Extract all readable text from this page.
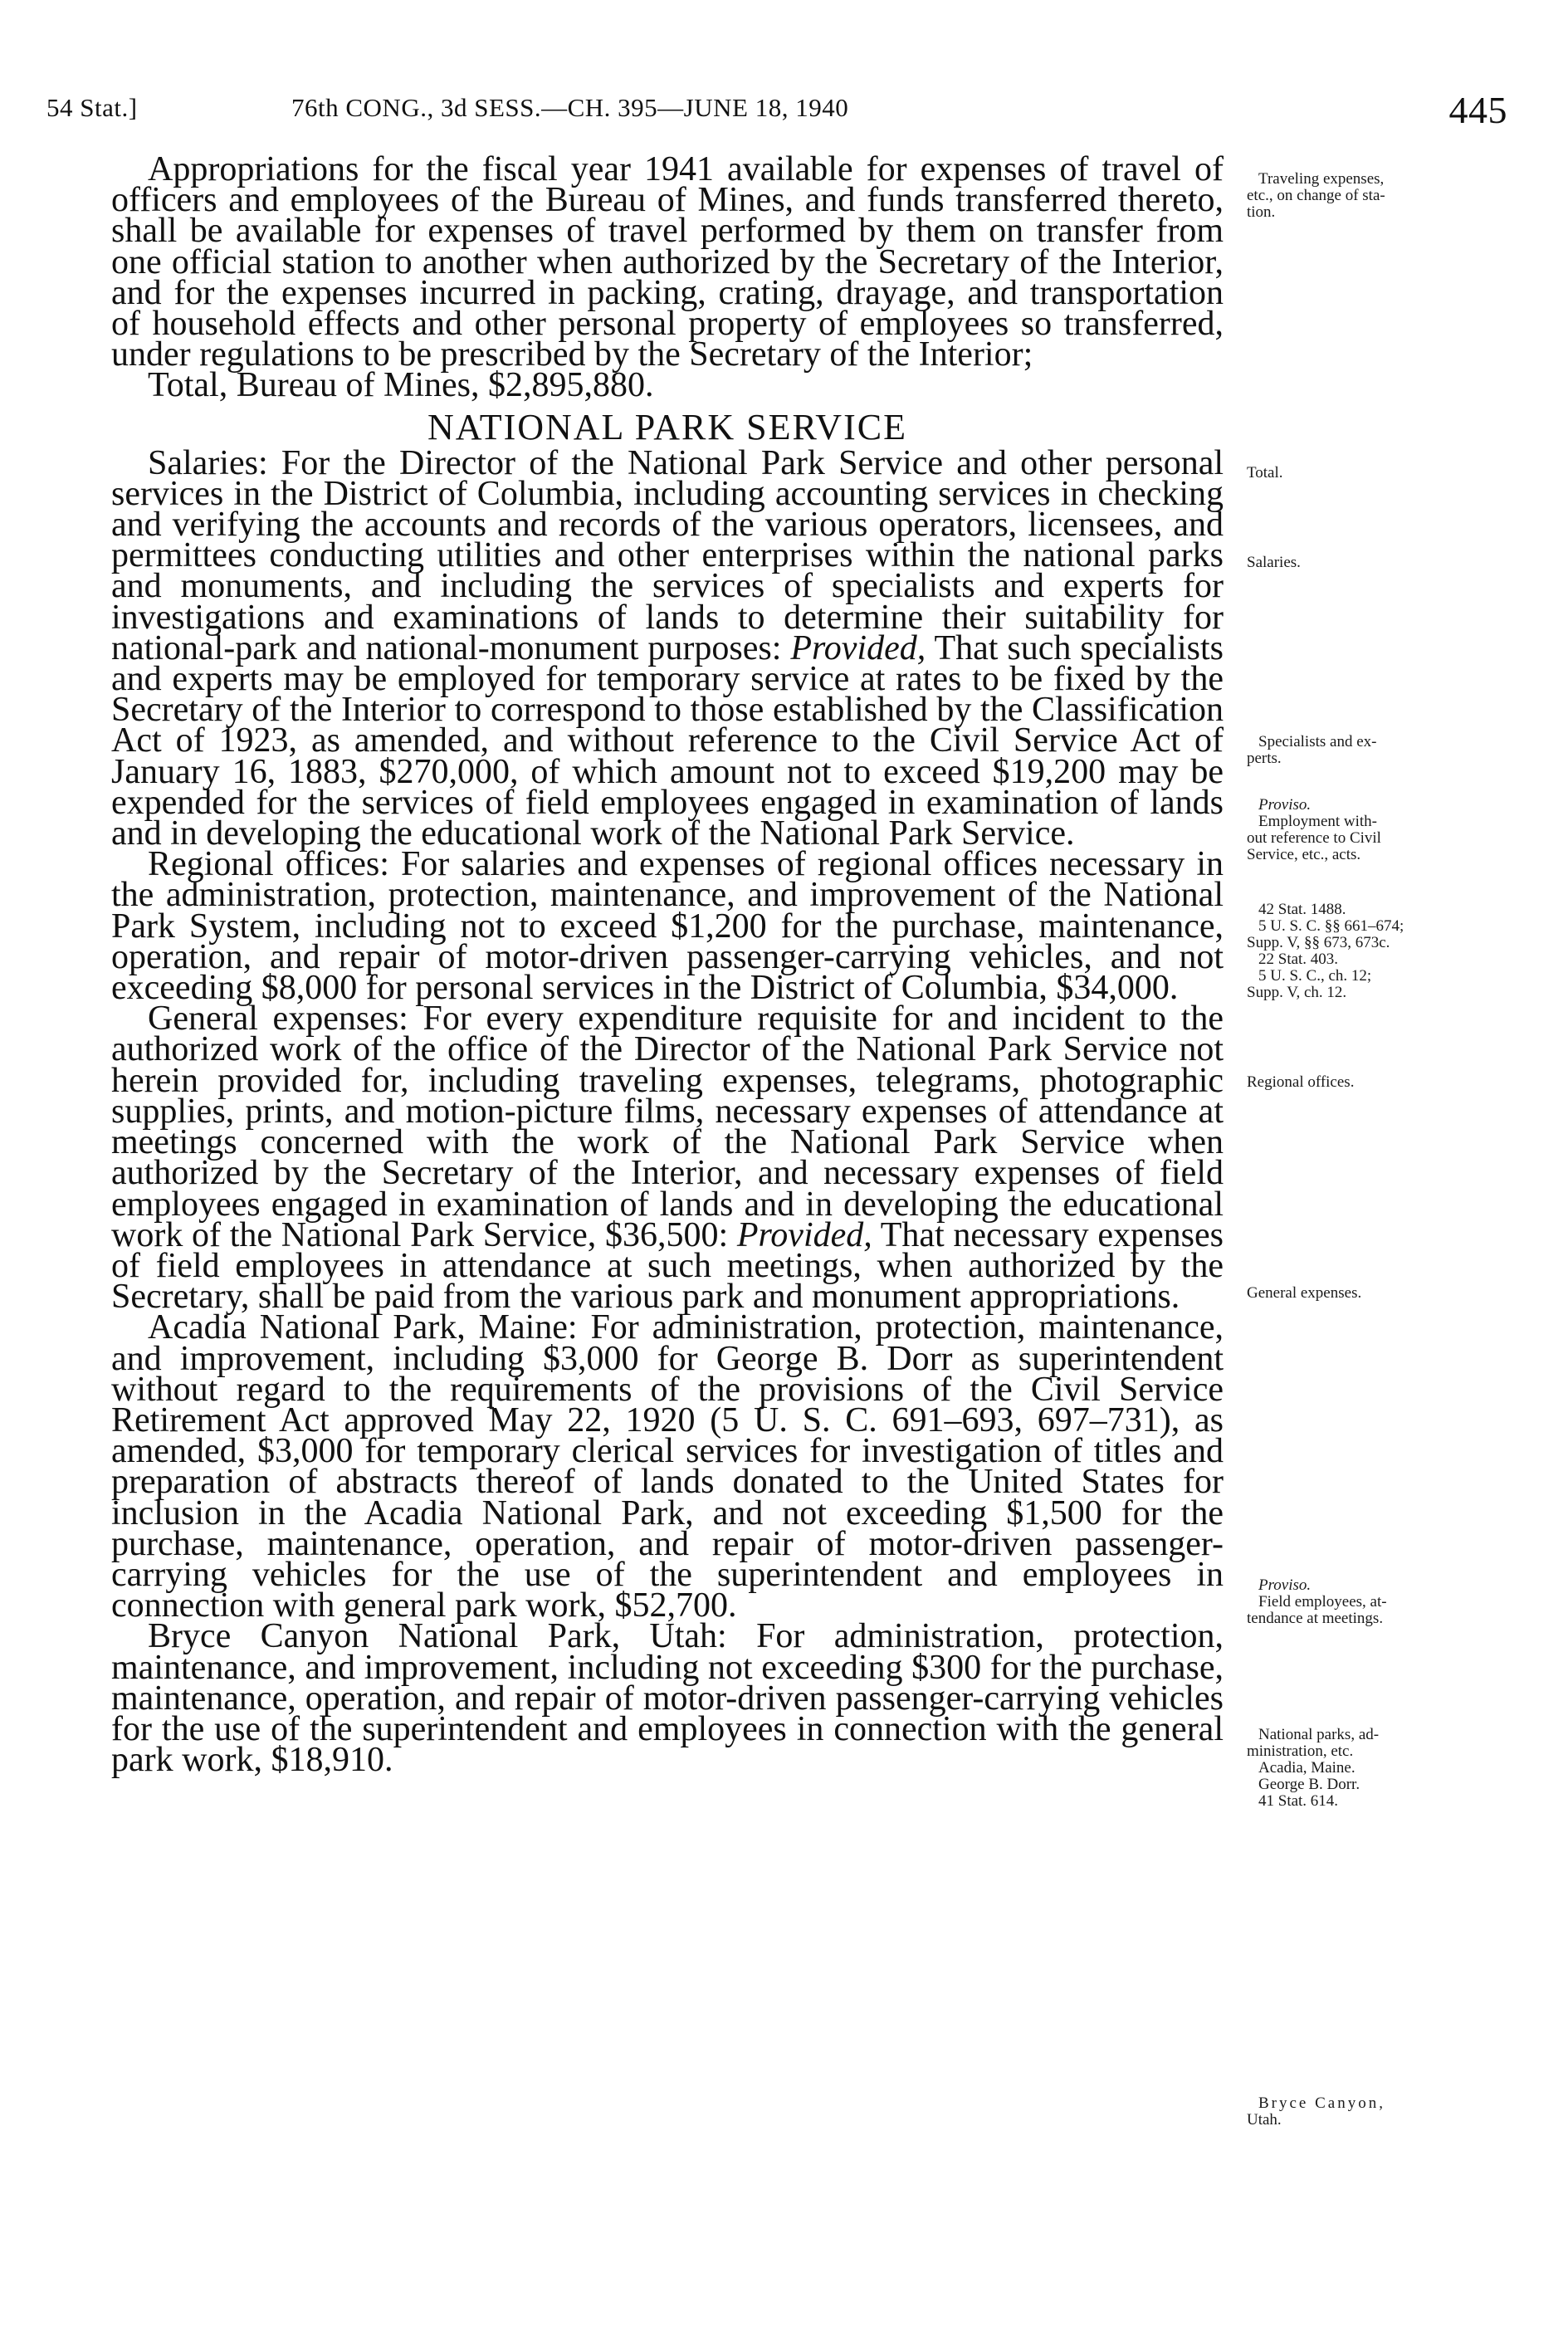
54 Stat.]	76th CONG., 3d SESS.—CH. 395—JUNE 18, 1940	445

Appropriations for the fiscal year 1941 available for expenses of travel of officers and employees of the Bureau of Mines, and funds transferred thereto, shall be available for expenses of travel performed by them on transfer from one official station to another when authorized by the Secretary of the Interior, and for the expenses incurred in packing, crating, drayage, and transportation of household effects and other personal property of employees so transferred, under regulations to be prescribed by the Secretary of the Interior;

Total, Bureau of Mines, $2,895,880.

NATIONAL PARK SERVICE

Salaries: For the Director of the National Park Service and other personal services in the District of Columbia, including accounting services in checking and verifying the accounts and records of the various operators, licensees, and permittees conducting utilities and other enterprises within the national parks and monuments, and including the services of specialists and experts for investigations and examinations of lands to determine their suitability for national-park and national-monument purposes: Provided, That such specialists and experts may be employed for temporary service at rates to be fixed by the Secretary of the Interior to correspond to those established by the Classification Act of 1923, as amended, and without reference to the Civil Service Act of January 16, 1883, $270,000, of which amount not to exceed $19,200 may be expended for the services of field employees engaged in examination of lands and in developing the educational work of the National Park Service.

Regional offices: For salaries and expenses of regional offices necessary in the administration, protection, maintenance, and improvement of the National Park System, including not to exceed $1,200 for the purchase, maintenance, operation, and repair of motor-driven passenger-carrying vehicles, and not exceeding $8,000 for personal services in the District of Columbia, $34,000.

General expenses: For every expenditure requisite for and incident to the authorized work of the office of the Director of the National Park Service not herein provided for, including traveling expenses, telegrams, photographic supplies, prints, and motion-picture films, necessary expenses of attendance at meetings concerned with the work of the National Park Service when authorized by the Secretary of the Interior, and necessary expenses of field employees engaged in examination of lands and in developing the educational work of the National Park Service, $36,500: Provided, That necessary expenses of field employees in attendance at such meetings, when authorized by the Secretary, shall be paid from the various park and monument appropriations.

Acadia National Park, Maine: For administration, protection, maintenance, and improvement, including $3,000 for George B. Dorr as superintendent without regard to the requirements of the provisions of the Civil Service Retirement Act approved May 22, 1920 (5 U. S. C. 691–693, 697–731), as amended, $3,000 for temporary clerical services for investigation of titles and preparation of abstracts thereof of lands donated to the United States for inclusion in the Acadia National Park, and not exceeding $1,500 for the purchase, maintenance, operation, and repair of motor-driven passenger-carrying vehicles for the use of the superintendent and employees in connection with general park work, $52,700.

Bryce Canyon National Park, Utah: For administration, protection, maintenance, and improvement, including not exceeding $300 for the purchase, maintenance, operation, and repair of motor-driven passenger-carrying vehicles for the use of the superintendent and employees in connection with the general park work, $18,910.

Traveling expenses,
etc., on change of sta-
tion.
Total.
Salaries.
Specialists and ex-
perts.
Proviso.
Employment with-
out reference to Civil
Service, etc., acts.
42 Stat. 1488.
5 U. S. C. §§ 661–674;
Supp. V, §§ 673, 673c.
22 Stat. 403.
5 U. S. C., ch. 12;
Supp. V, ch. 12.
Regional offices.
General expenses.
Proviso.
Field employees, at-
tendance at meetings.
National parks, ad-
ministration, etc.
Acadia, Maine.
George B. Dorr.
41 Stat. 614.
Bryce Canyon,
Utah.
